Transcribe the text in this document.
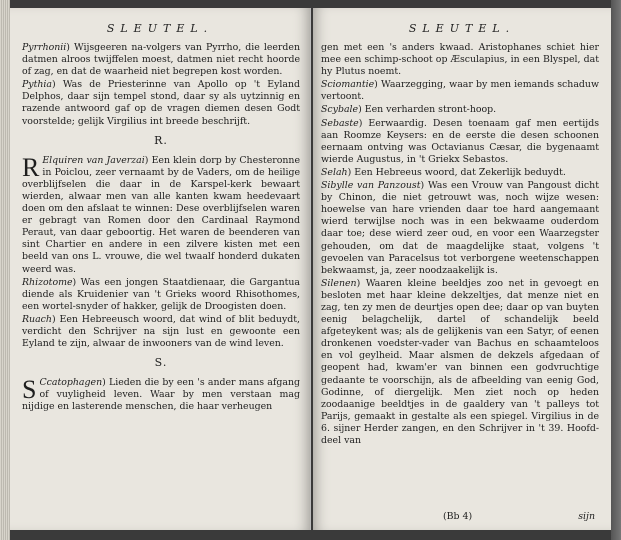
SLEUTEL.

Pyrrhonii) Wijsgeeren na-volgers van Pyrrho, die leerden datmen alroos twijffelen moest, datmen niet recht hoorde of zag, en dat de waarheid niet begrepen kost worden.

Pythia) Was de Priesterinne van Apollo op 't Eyland Delphos, daar sijn tempel stond, daar sy als uytzinnig en razende antwoord gaf op de vragen diemen desen Godt voorstelde; gelijk Virgilius int breede beschrijft.

R.

R Elquiren van Javerzai) Een klein dorp by Chesteronne in Poiclou, zeer vernaamt by de Vaders, om de heilige overblijfselen die daar in de Karspel-kerk bewaart wierden, alwaar men van alle kanten kwam heedevaart doen om den afslaat te winnen: Dese overblijfselen waren er gebragt van Romen door den Cardinaal Raymond Peraut, van daar geboortig. Het waren de beenderen van sint Chartier en andere in een zilvere kisten met een beeld van ons L. vrouwe, die wel twaalf honderd dukaten weerd was.

Rhizotome) Was een jongen Staatdienaar, die Gargantua diende als Kruidenier van 't Grieks woord Rhisothomes, een wortel-snyder of hakker, gelijk de Droogisten doen.

Ruach) Een Hebreeusch woord, dat wind of blit beduydt, verdicht den Schrijver na sijn lust en gewoonte een Eyland te zijn, alwaar de inwooners van de wind leven.

S.

S Ccatophagen) Lieden die by een 's ander mans afgang of vuyligheid leven. Waar by men verstaan mag nijdige en lasterende menschen, die haar verheugen

SLEUTEL.

gen met een 's anders kwaad. Aristophanes schiet hier mee een schimp-schoot op Æsculapius, in een Blyspel, dat hy Plutus noemt.

Sciomantie) Waarzegging, waar by men iemands schaduw vertoont.

Scybale) Een verharden stront-hoop.

Sebaste) Eerwaardig. Desen toenaam gaf men eertijds aan Roomze Keysers: en de eerste die desen schoonen eernaam ontving was Octavianus Cæsar, die bygenaamt wierde Augustus, in 't Griekx Sebastos.

Selah) Een Hebreeus woord, dat Zekerlijk beduydt.

Sibylle van Panzoust) Was een Vrouw van Pangoust dicht by Chinon, die niet getrouwt was, noch wijze wesen: hoewelse van hare vrienden daar toe hard aangemaant wierd terwijlse noch was in een bekwaame ouderdom daar toe; dese wierd zeer oud, en voor een Waarzegster gehouden, om dat de maagdelijke staat, volgens 't gevoelen van Paracelsus tot verborgene weetenschappen bekwaamst, ja, zeer noodzaakelijk is.

Silenen) Waaren kleine beeldjes zoo net in gevoegt en besloten met haar kleine dekzeltjes, dat menze niet en zag, ten zy men de deurtjes open dee; daar op van buyten eenig belagchelijk, dartel of schandelijk beeld afgeteykent was; als de gelijkenis van een Satyr, of eenen dronkenen voedster-vader van Bachus en schaamteloos en vol geylheid. Maar alsmen de dekzels afgedaan of geopent had, kwam'er van binnen een godvruchtige gedaante te voorschijn, als de afbeelding van eenig God, Godinne, of diergelijk. Men ziet noch op heden zoodaanige beeldtjes in de gaaldery van 't palleys tot Parijs, gemaakt in gestalte als een spiegel. Virgilius in de 6. sijner Herder zangen, en den Schrijver in 't 39. Hoofd-deel van

(Bb 4)	sijn
